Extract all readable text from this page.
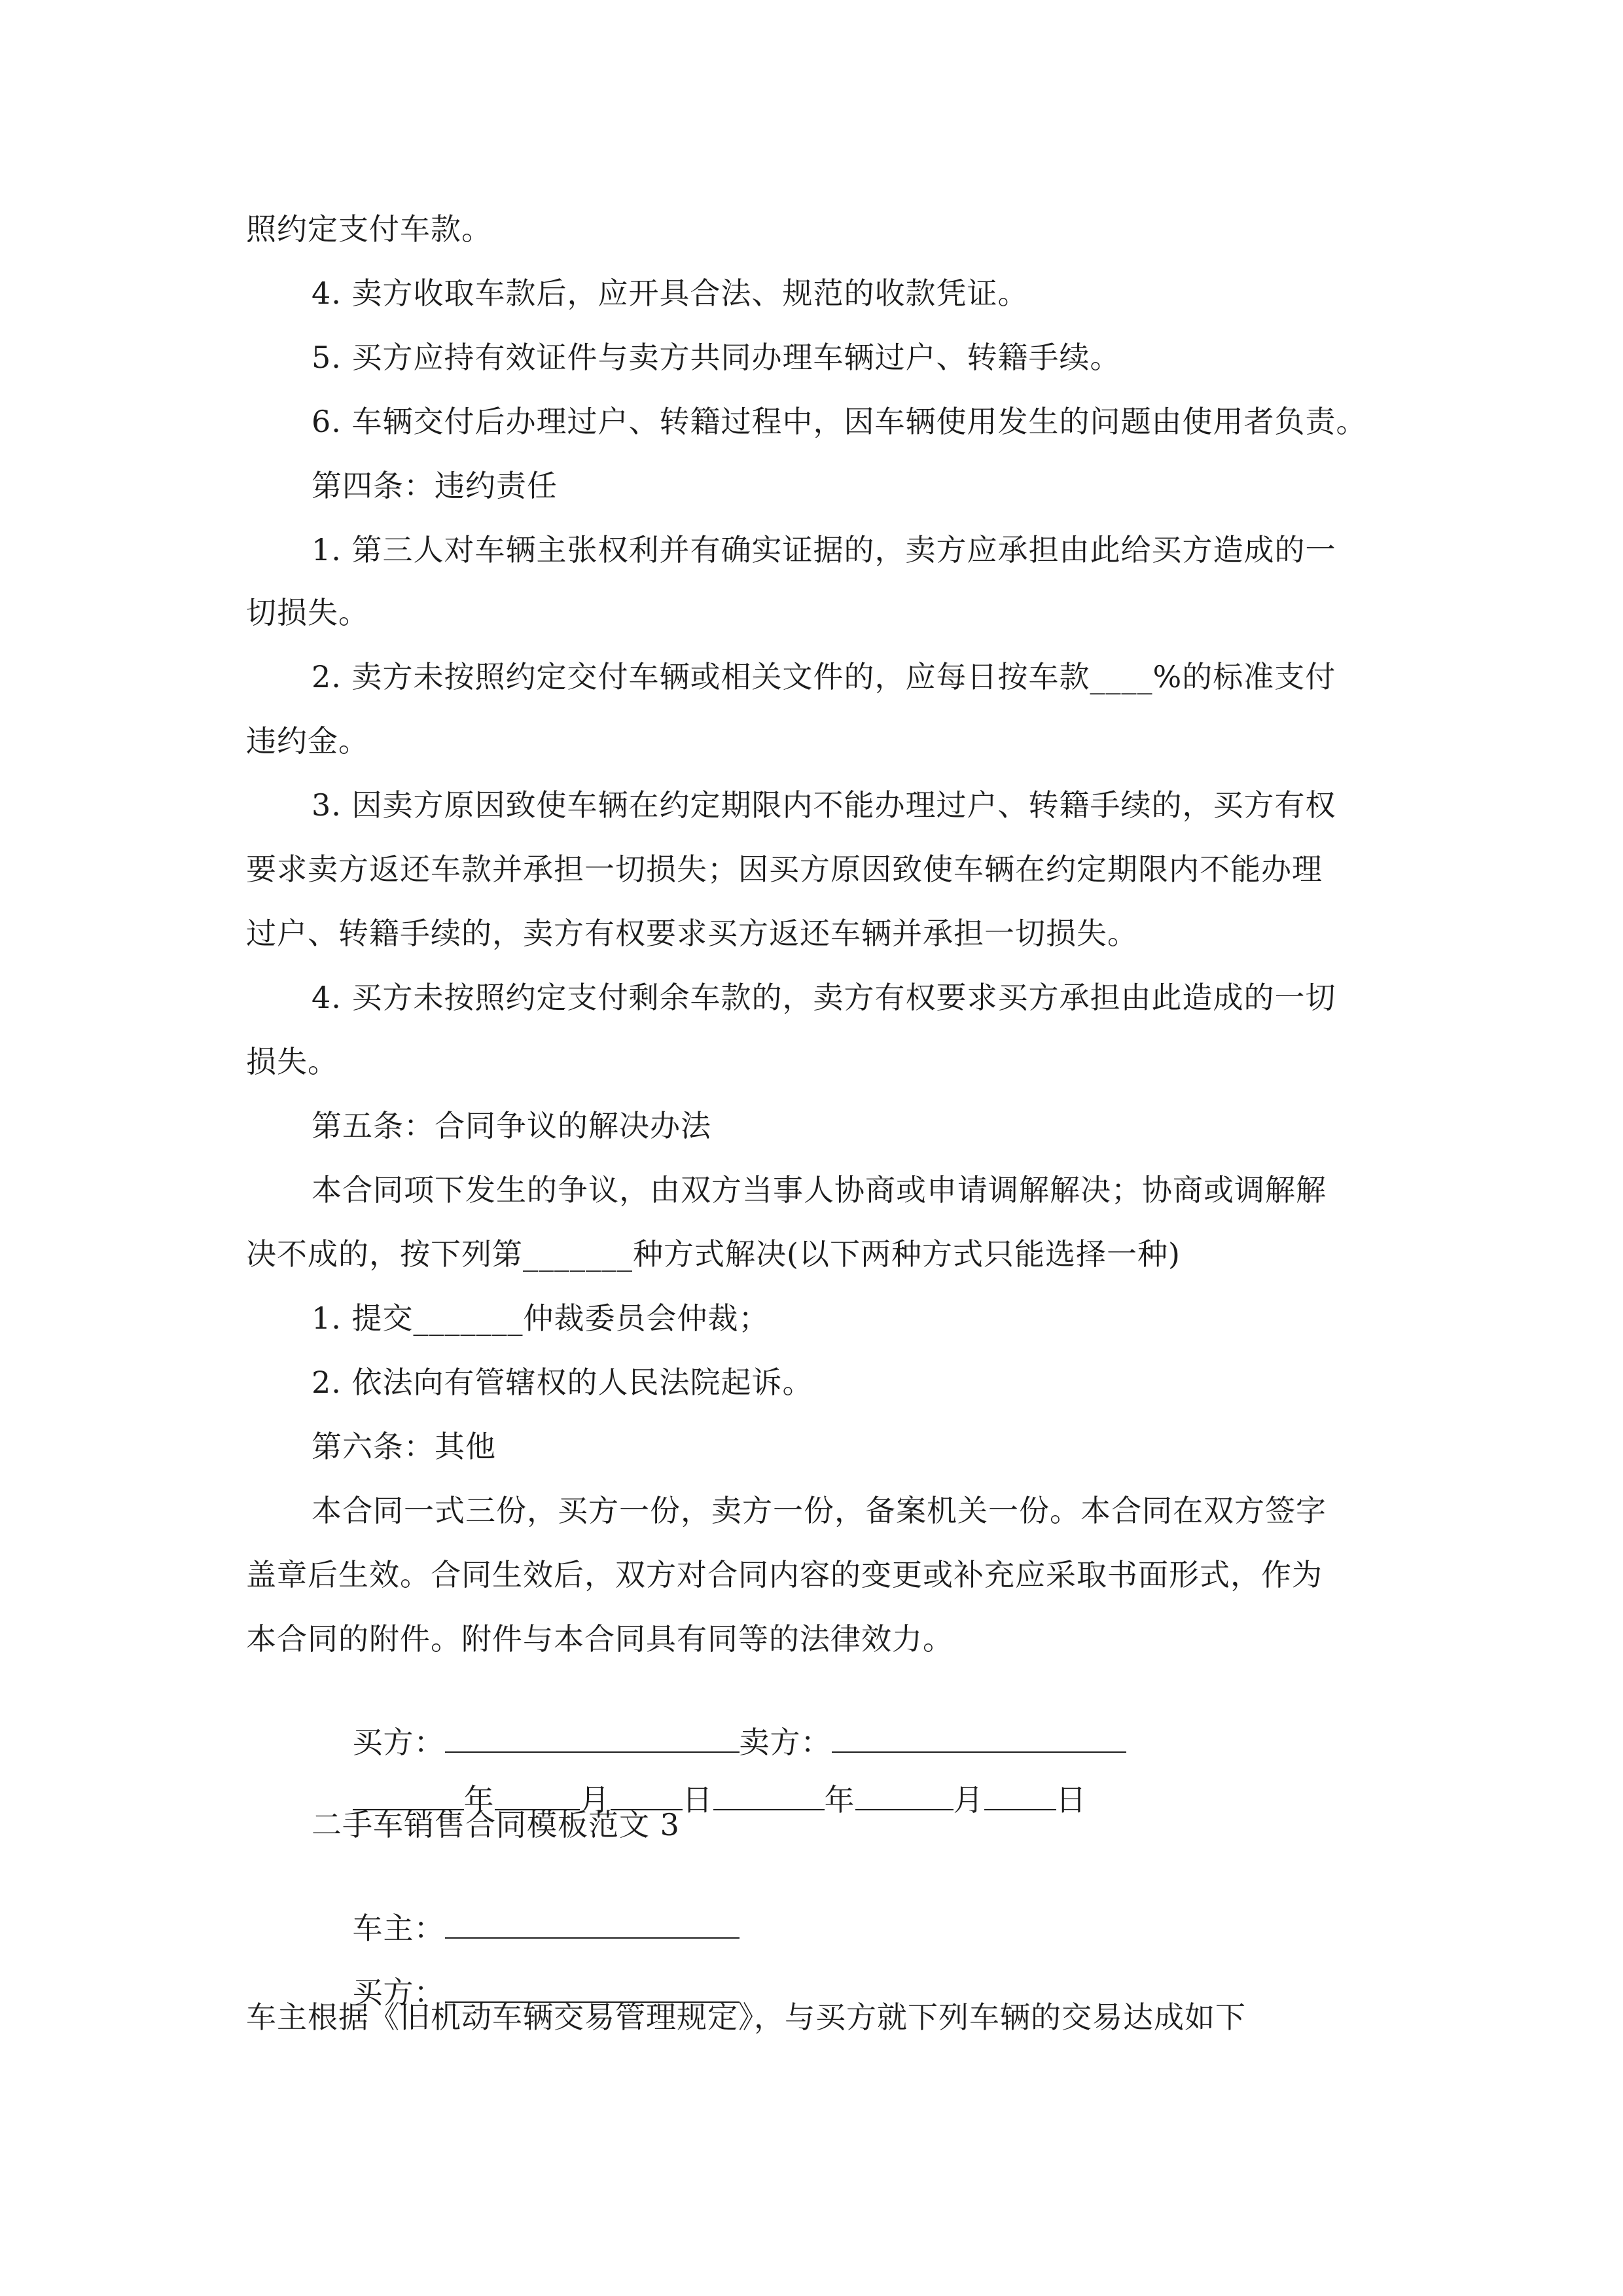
照约定支付车款。
4. 卖方收取车款后，应开具合法、规范的收款凭证。
5. 买方应持有效证件与卖方共同办理车辆过户、转籍手续。
6. 车辆交付后办理过户、转籍过程中，因车辆使用发生的问题由使用者负责。
第四条：违约责任
1. 第三人对车辆主张权利并有确实证据的，卖方应承担由此给买方造成的一
切损失。
2. 卖方未按照约定交付车辆或相关文件的，应每日按车款____%的标准支付
违约金。
3. 因卖方原因致使车辆在约定期限内不能办理过户、转籍手续的，买方有权
要求卖方返还车款并承担一切损失；因买方原因致使车辆在约定期限内不能办理
过户、转籍手续的，卖方有权要求买方返还车辆并承担一切损失。
4. 买方未按照约定支付剩余车款的，卖方有权要求买方承担由此造成的一切
损失。
第五条：合同争议的解决办法
本合同项下发生的争议，由双方当事人协商或申请调解解决；协商或调解解
决不成的，按下列第_______种方式解决(以下两种方式只能选择一种)
1. 提交_______仲裁委员会仲裁；
2. 依法向有管辖权的人民法院起诉。
第六条：其他
本合同一式三份，买方一份，卖方一份，备案机关一份。本合同在双方签字
盖章后生效。合同生效后，双方对合同内容的变更或补充应采取书面形式，作为
本合同的附件。附件与本合同具有同等的法律效力。

买方：	卖方：

年	月 日	年	月 日

二手车销售合同模板范文 3

车主：

买方：

车主根据《旧机动车辆交易管理规定》，与买方就下列车辆的交易达成如下
